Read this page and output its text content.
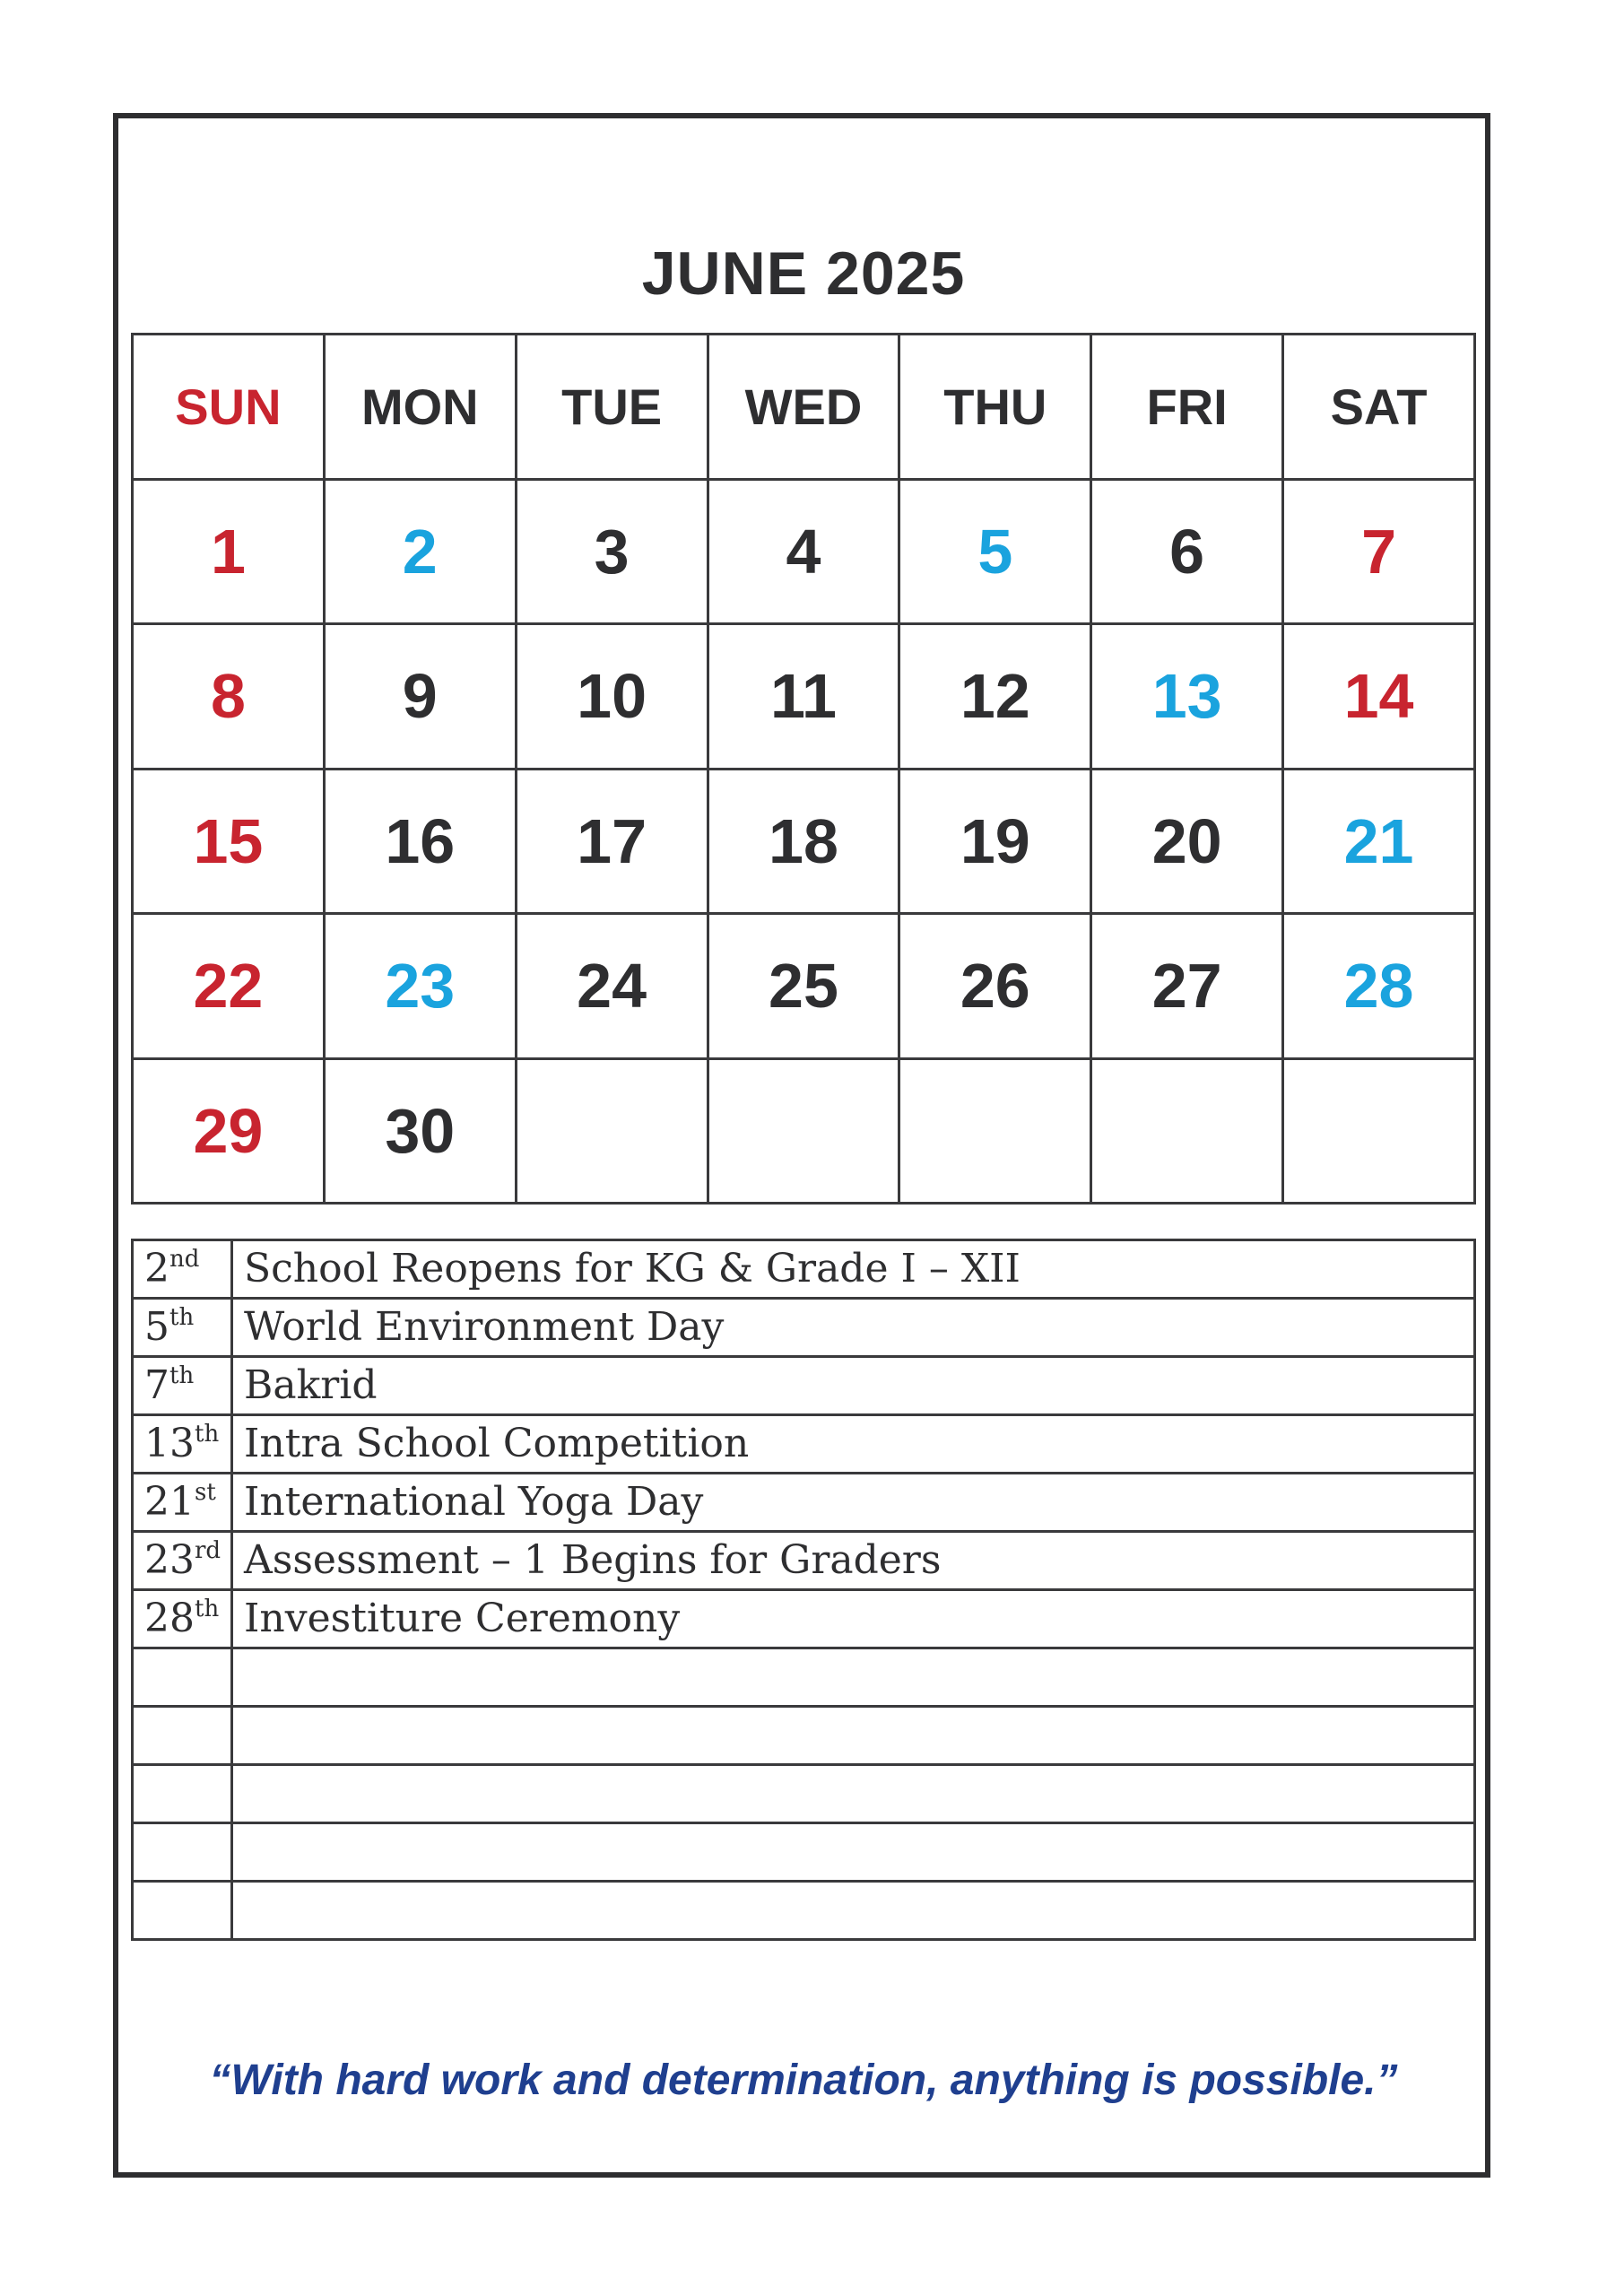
JUNE 2025
SUN	MON	TUE	WED	THU	FRI	SAT
1	2	3	4	5	6	7
8	9	10	11	12	13	14
15	16	17	18	19	20	21
22	23	24	25	26	27	28
29	30					
2nd	School Reopens for KG & Grade I – XII
5th	World Environment Day
7th	Bakrid
13th	Intra School Competition
21st	International Yoga Day
23rd	Assessment – 1 Begins for Graders
28th	Investiture Ceremony

“With hard work and determination, anything is possible.”
